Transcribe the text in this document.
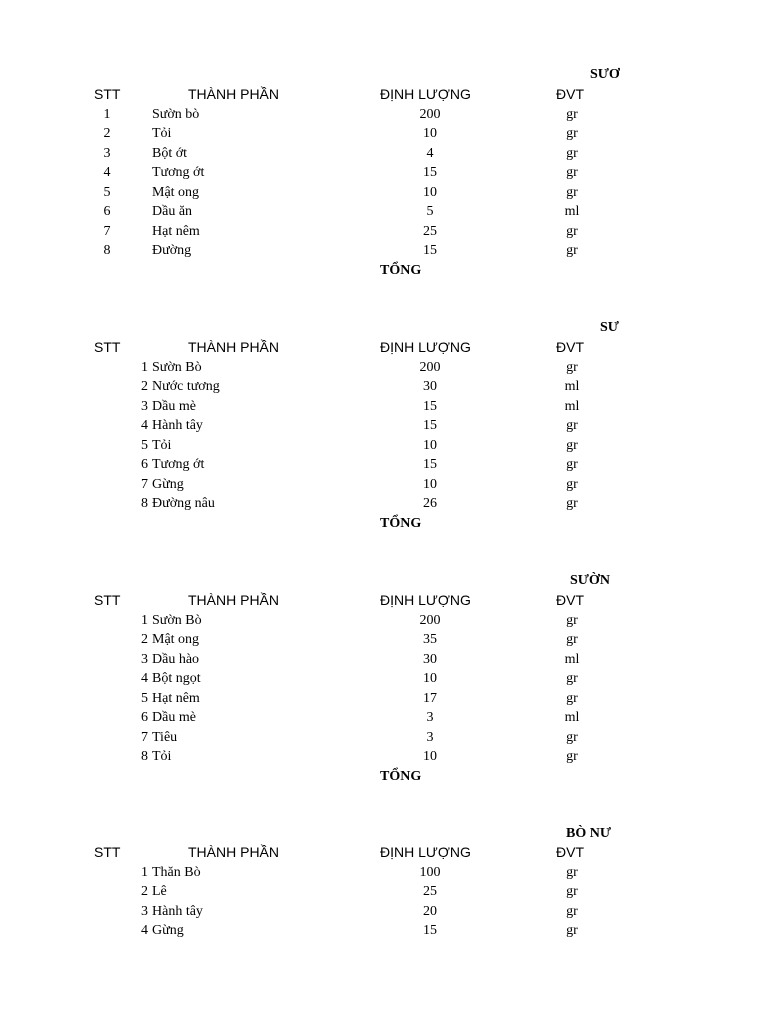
SƯƠ
STT	THÀNH PHẦN	ĐỊNH LƯỢNG	ĐVT
1	Sườn bò	200	gr
2	Tỏi	10	gr
3	Bột ớt	4	gr
4	Tương ớt	15	gr
5	Mật ong	10	gr
6	Dầu ăn	5	ml
7	Hạt nêm	25	gr
8	Đường	15	gr
TỔNG
SƯ
STT	THÀNH PHẦN	ĐỊNH LƯỢNG	ĐVT
1 Sườn Bò	200	gr
2 Nước tương	30	ml
3 Dầu mè	15	ml
4 Hành tây	15	gr
5 Tỏi	10	gr
6 Tương ớt	15	gr
7 Gừng	10	gr
8 Đường nâu	26	gr
TỔNG
SƯỜN
STT	THÀNH PHẦN	ĐỊNH LƯỢNG	ĐVT
1 Sườn Bò	200	gr
2 Mật ong	35	gr
3 Dầu hào	30	ml
4 Bột ngọt	10	gr
5 Hạt nêm	17	gr
6 Dầu mè	3	ml
7 Tiêu	3	gr
8 Tỏi	10	gr
TỔNG
BÒ NƯ
STT	THÀNH PHẦN	ĐỊNH LƯỢNG	ĐVT
1 Thăn Bò	100	gr
2 Lê	25	gr
3 Hành tây	20	gr
4 Gừng	15	gr
